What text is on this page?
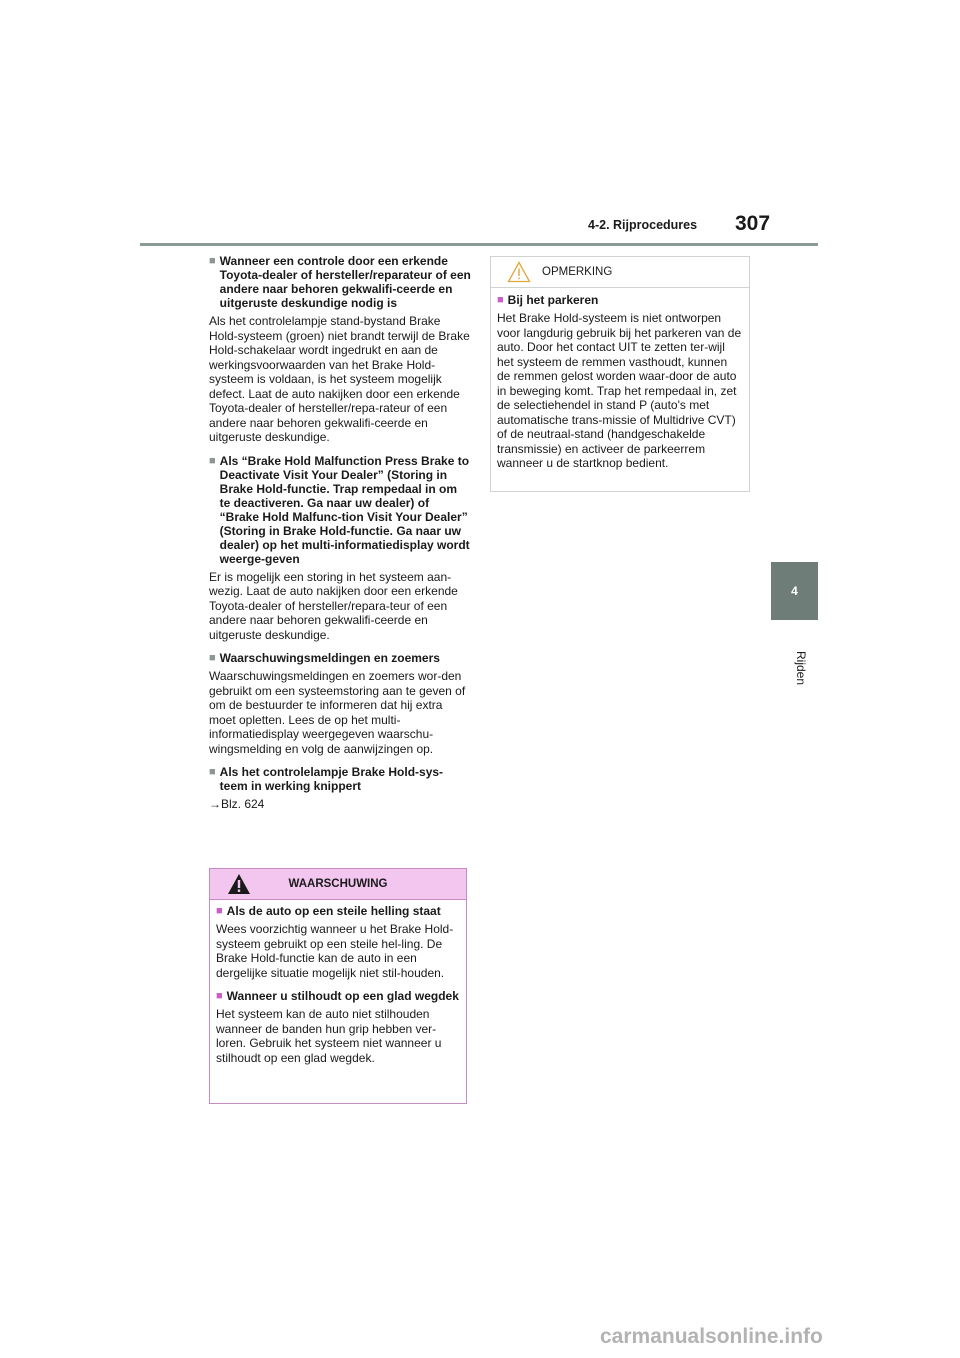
4-2. Rijprocedures 307
4
Rijden
■ Wanneer een controle door een erkende Toyota-dealer of hersteller/reparateur of een andere naar behoren gekwalifi-ceerde en uitgeruste deskundige nodig is

Als het controlelampje stand-bystand Brake Hold-systeem (groen) niet brandt terwijl de Brake Hold-schakelaar wordt ingedrukt en aan de werkingsvoorwaarden van het Brake Hold-systeem is voldaan, is het systeem mogelijk defect. Laat de auto nakijken door een erkende Toyota-dealer of hersteller/repa-rateur of een andere naar behoren gekwalifi-ceerde en uitgeruste deskundige.

■ Als “Brake Hold Malfunction Press Brake to Deactivate Visit Your Dealer” (Storing in Brake Hold-functie. Trap rempedaal in om te deactiveren. Ga naar uw dealer) of “Brake Hold Malfunc-tion Visit Your Dealer” (Storing in Brake Hold-functie. Ga naar uw dealer) op het multi-informatiedisplay wordt weerge-geven

Er is mogelijk een storing in het systeem aan-wezig. Laat de auto nakijken door een erkende Toyota-dealer of hersteller/repara-teur of een andere naar behoren gekwalifi-ceerde en uitgeruste deskundige.

■ Waarschuwingsmeldingen en zoemers

Waarschuwingsmeldingen en zoemers wor-den gebruikt om een systeemstoring aan te geven of om de bestuurder te informeren dat hij extra moet opletten. Lees de op het multi-informatiedisplay weergegeven waarschu-wingsmelding en volg de aanwijzingen op.

■ Als het controlelampje Brake Hold-sys-teem in werking knippert

→Blz. 624

WAARSCHUWING
■ Als de auto op een steile helling staat

Wees voorzichtig wanneer u het Brake Hold-systeem gebruikt op een steile hel-ling. De Brake Hold-functie kan de auto in een dergelijke situatie mogelijk niet stil-houden.

■ Wanneer u stilhoudt op een glad wegdek

Het systeem kan de auto niet stilhouden wanneer de banden hun grip hebben ver-loren. Gebruik het systeem niet wanneer u stilhoudt op een glad wegdek.

OPMERKING
■ Bij het parkeren

Het Brake Hold-systeem is niet ontworpen voor langdurig gebruik bij het parkeren van de auto. Door het contact UIT te zetten ter-wijl het systeem de remmen vasthoudt, kunnen de remmen gelost worden waar-door de auto in beweging komt. Trap het rempedaal in, zet de selectiehendel in stand P (auto's met automatische trans-missie of Multidrive CVT) of de neutraal-stand (handgeschakelde transmissie) en activeer de parkeerrem wanneer u de startknop bedient.

carmanualsonline.info
